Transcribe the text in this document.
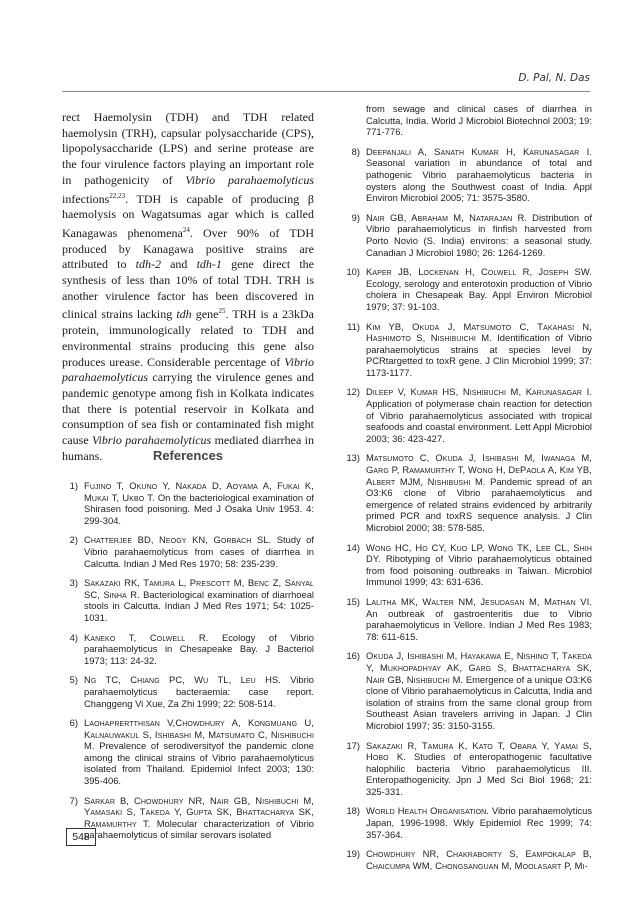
D. Pal, N. Das

rect Haemolysin (TDH) and TDH related haemolysin (TRH), capsular polysaccharide (CPS), lipopolysaccharide (LPS) and serine protease are the four virulence factors playing an important role in pathogenicity of Vibrio parahaemolyticus infections$^{22,23}$. TDH is capable of producing β haemolysis on Wagatsumas agar which is called Kanagawas phenomena$^{24}$. Over 90% of TDH produced by Kanagawa positive strains are attributed to tdh-2 and tdh-1 gene direct the synthesis of less than 10% of total TDH. TRH is another virulence factor has been discovered in clinical strains lacking tdh gene$^{25}$. TRH is a 23kDa protein, immunologically related to TDH and environmental strains producing this gene also produces urease. Considerable percentage of Vibrio parahaemolyticus carrying the virulence genes and pandemic genotype among fish in Kolkata indicates that there is potential reservoir in Kolkata and consumption of sea fish or contaminated fish might cause Vibrio parahaemolyticus mediated diarrhea in humans.	References
1) Fujino T, Okuno Y, Nakada D, Aoyama A, Fukai K, Mukai T, Ukbo T. On the bacteriological examination of Shirasen food poisoning. Med J Osaka Univ 1953. 4: 299-304.
2) Chatterjee BD, Neogy KN, Gorbach SL. Study of Vibrio parahaemolyticus from cases of diarrhea in Calcutta. Indian J Med Res 1970; 58: 235-239.
3) Sakazaki RK, Tamura L, Prescott M, Benc Z, Sanyal SC, Sinha R. Bacteriological examination of diarrhoeal stools in Calcutta. Indian J Med Res 1971; 54: 1025-1031.
4) Kaneko T, Colwell R. Ecology of Vibrio parahaemolyticus in Chesapeake Bay. J Bacteriol 1973; 113: 24-32.
5) Ng TC, Chiang PC, Wu TL, Leu HS. Vibrio parahaemolyticus bacteraemia: case report. Changgeng Vi Xue, Za Zhi 1999; 22: 508-514.
6) Laohaprertthisan V,Chowdhury A, Kongmuang U, Kalnauwakul S, Ishibashi M, Matsumato C, Nishibuchi M. Prevalence of serodiversityof the pandemic clone among the clinical strains of Vibrio parahaemolyticus isolated from Thailand. Epidemiol Infect 2003; 130: 395-406.
7) Sarkar B, Chowdhury NR, Nair GB, Nishibuchi M, Yamasaki S, Takeda Y, Gupta SK, Bhattacharya SK, Ramamurthy T. Molecular characterization of Vibrio parahaemolyticus of similar serovars isolated
from sewage and clinical cases of diarrhea in Calcutta, India. World J Microbiol Biotechnol 2003; 19: 771-776.
8) Deepanjali A, Sanath Kumar H, Karunasagar I. Seasonal variation in abundance of total and pathogenic Vibrio parahaemolyticus bacteria in oysters along the Southwest coast of India. Appl Environ Microbiol 2005; 71: 3575-3580.
9) Nair GB, Abraham M, Natarajan R. Distribution of Vibrio parahaemolyticus in finfish harvested from Porto Novio (S. India) environs: a seasonal study. Canadian J Microbiol 1980; 26: 1264-1269.
10) Kaper JB, Lockenan H, Colwell R, Joseph SW. Ecology, serology and enterotoxin production of Vibrio cholera in Chesapeak Bay. Appl Environ Microbiol 1979; 37: 91-103.
11) Kim YB, Okuda J, Matsumoto C, Takahasi N, Hashimoto S, Nishibuichi M. Identification of Vibrio parahaemolyticus strains at species level by PCRtargetted to toxR gene. J Clin Microbiol 1999; 37: 1173-1177.
12) Dileep V, Kumar HS, Nishibuchi M, Karunasagar I. Application of polymerase chain reaction for detection of Vibrio parahaemolyticus associated with tropical seafoods and coastal environment. Lett Appl Microbiol 2003; 36: 423-427.
13) Matsumoto C, Okuda J, Ishibashi M, Iwanaga M, Garg P, Ramamurthy T, Wong H, DePaola A, Kim YB, Albert MJM, Nishibushi M. Pandemic spread of an O3:K6 clone of Vibrio parahaemolyticus and emergence of related strains evidenced by arbitrarily primed PCR and toxRS sequence analysis. J Clin Microbiol 2000; 38: 578-585.
14) Wong HC, Ho CY, Kuo LP, Wong TK, Lee CL, Shih DY. Ribotyping of Vibrio parahaemolyticus obtained from food poisoning outbreaks in Taiwan. Microbiol Immunol 1999; 43: 631-636.
15) Lalitha MK, Walter NM, Jesudasan M, Mathan VI. An outbreak of gastroenteritis due to Vibrio parahaemolyticus in Vellore. Indian J Med Res 1983; 78: 611-615.
16) Okuda J, Ishibashi M, Hayakawa E, Nishino T, Takeda Y, Mukhopadhyay AK, Garg S, Bhattacharya SK, Nair GB, Nishibuchi M. Emergence of a unique O3:K6 clone of Vibrio parahaemolyticus in Calcutta, India and isolation of strains from the same clonal group from Southeast Asian travelers arriving in Japan. J Clin Microbiol 1997; 35: 3150-3155.
17) Sakazaki R, Tamura K, Kato T, Obara Y, Yamai S, Hobo K. Studies of enteropathogenic facultative halophilic bacteria Vibrio parahaemolyticus III. Enteropathogenicity. Jpn J Med Sci Biol 1968; 21: 325-331.
18) World Health Organisation. Vibrio parahaemolyticus Japan, 1996-1998. Wkly Epidemiol Rec 1999; 74: 357-364.
19) Chowdhury NR, Chakraborty S, Eampokalap B, Chaicumpa WM, Chongsanguan M, Moolasart P, Mi-
548
